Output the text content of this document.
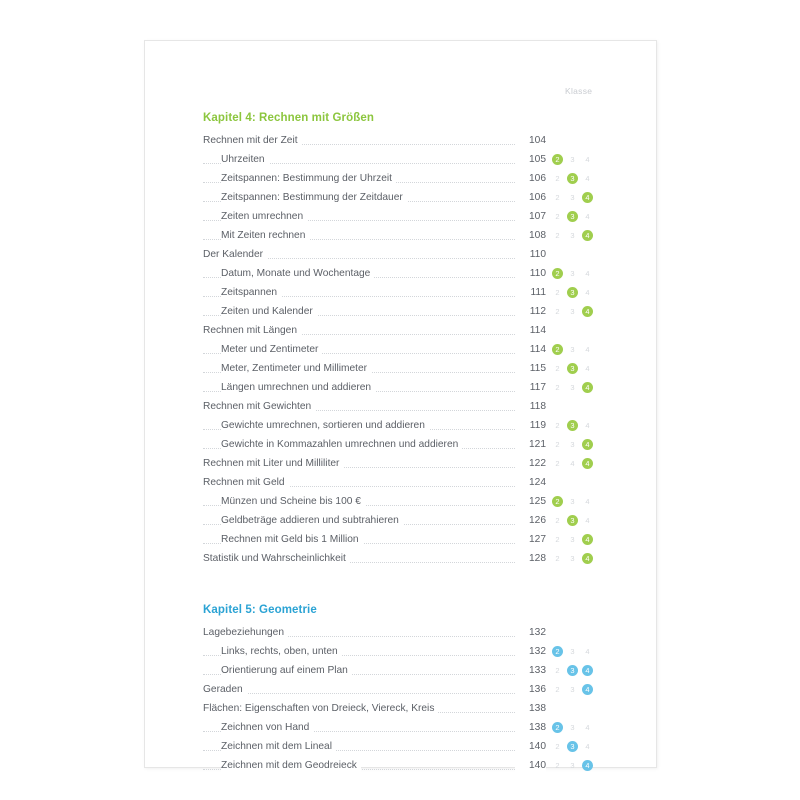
Klasse
Kapitel 4: Rechnen mit Größen
Rechnen mit der Zeit	104
Uhrzeiten	105	2	3	4
Zeitspannen: Bestimmung der Uhrzeit	106	2	3	4
Zeitspannen: Bestimmung der Zeitdauer	106	2	3	4
Zeiten umrechnen	107	2	3	4
Mit Zeiten rechnen	108	2	3	4
Der Kalender	110
Datum, Monate und Wochentage	110	2	3	4
Zeitspannen	111	2	3	4
Zeiten und Kalender	112	2	3	4
Rechnen mit Längen	114
Meter und Zentimeter	114	2	3	4
Meter, Zentimeter und Millimeter	115	2	3	4
Längen umrechnen und addieren	117	2	3	4
Rechnen mit Gewichten	118
Gewichte umrechnen, sortieren und addieren	119	2	3	4
Gewichte in Kommazahlen umrechnen und addieren	121	2	3	4
Rechnen mit Liter und Milliliter	122	2	4	4
Rechnen mit Geld	124
Münzen und Scheine bis 100 €	125	2	3	4
Geldbeträge addieren und subtrahieren	126	2	3	4
Rechnen mit Geld bis 1 Million	127	2	3	4
Statistik und Wahrscheinlichkeit	128	2	3	4
Kapitel 5: Geometrie
Lagebeziehungen	132
Links, rechts, oben, unten	132	2	3	4
Orientierung auf einem Plan	133	2	3	4
Geraden	136	2	3	4
Flächen: Eigenschaften von Dreieck, Viereck, Kreis	138
Zeichnen von Hand	138	2	3	4
Zeichnen mit dem Lineal	140	2	3	4
Zeichnen mit dem Geodreieck	140	2	3	4
